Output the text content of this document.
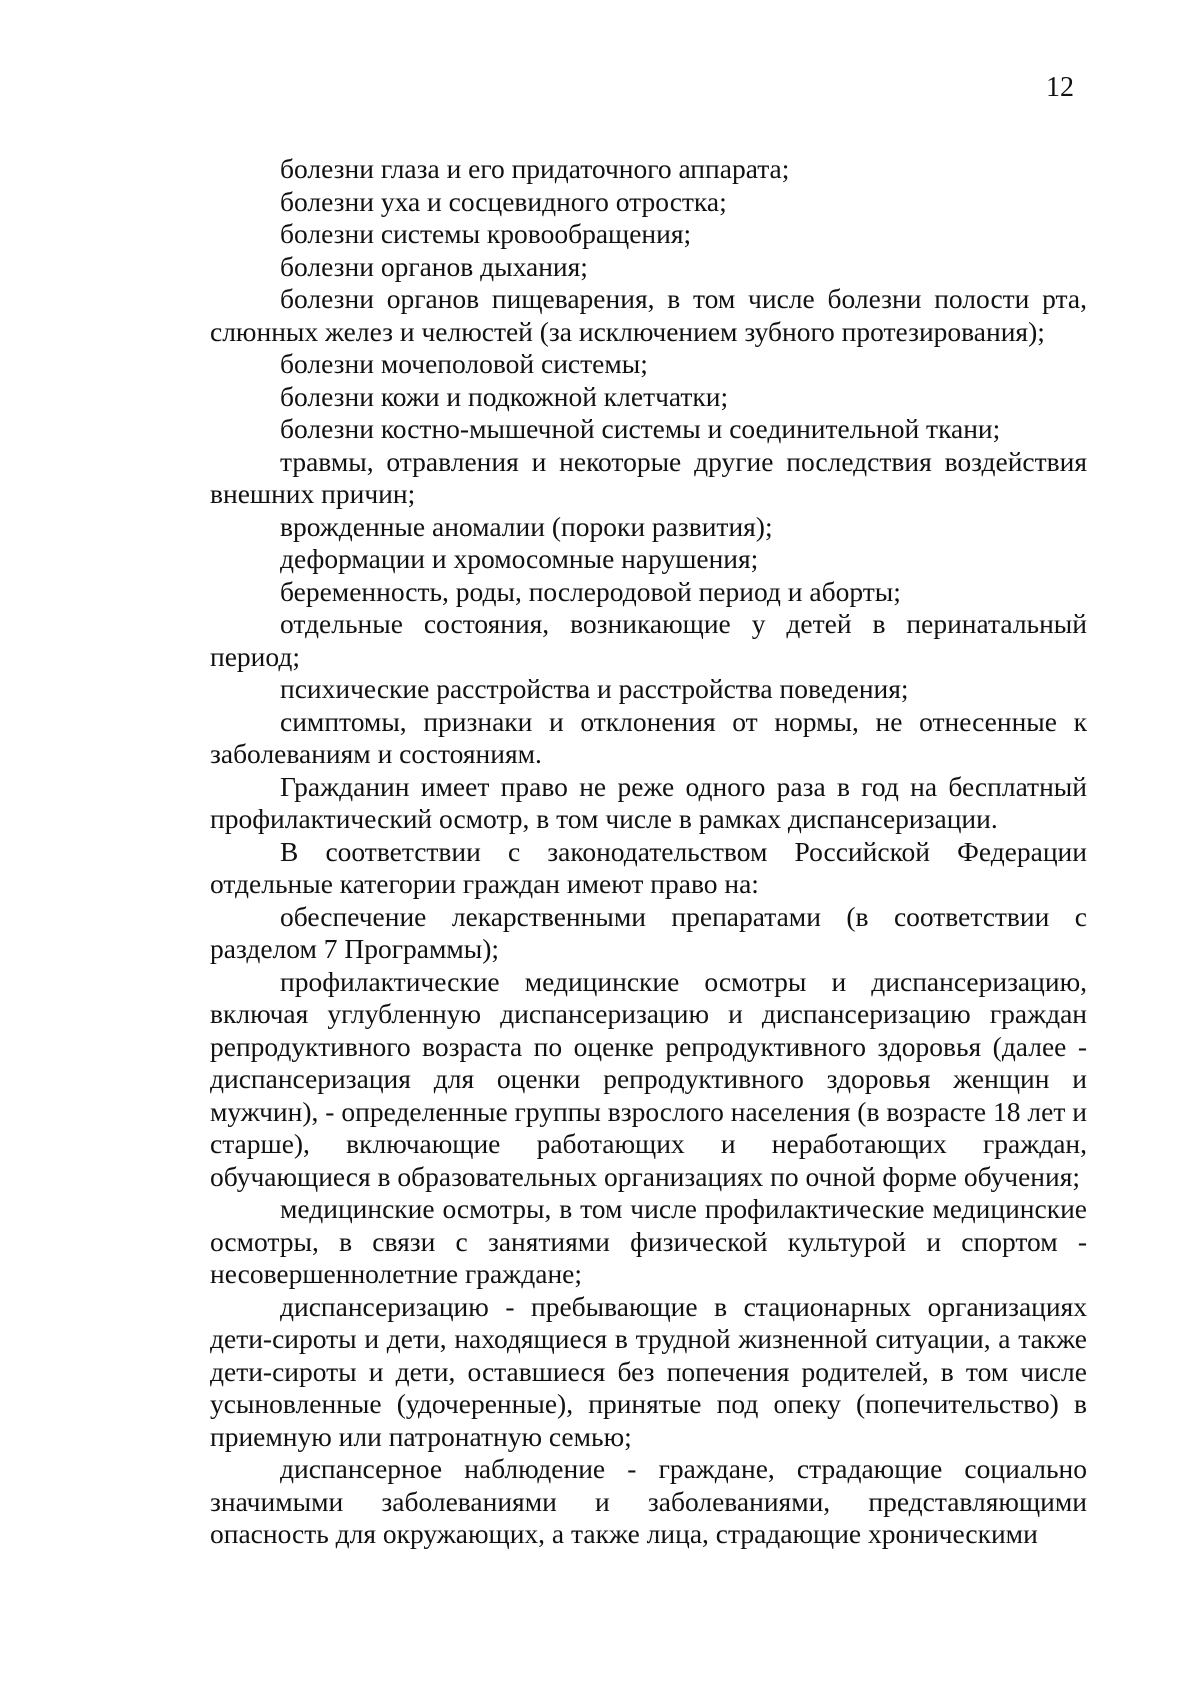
12

болезни глаза и его придаточного аппарата;

болезни уха и сосцевидного отростка;

болезни системы кровообращения;

болезни органов дыхания;

болезни органов пищеварения, в том числе болезни полости рта, слюнных желез и челюстей (за исключением зубного протезирования);

болезни мочеполовой системы;

болезни кожи и подкожной клетчатки;

болезни костно-мышечной системы и соединительной ткани;

травмы, отравления и некоторые другие последствия воздействия внешних причин;

врожденные аномалии (пороки развития);

деформации и хромосомные нарушения;

беременность, роды, послеродовой период и аборты;

отдельные состояния, возникающие у детей в перинатальный период;

психические расстройства и расстройства поведения;

симптомы, признаки и отклонения от нормы, не отнесенные к заболеваниям и состояниям.

Гражданин имеет право не реже одного раза в год на бесплатный профилактический осмотр, в том числе в рамках диспансеризации.

В соответствии с законодательством Российской Федерации отдельные категории граждан имеют право на:

обеспечение лекарственными препаратами (в соответствии с разделом 7 Программы);

профилактические медицинские осмотры и диспансеризацию, включая углубленную диспансеризацию и диспансеризацию граждан репродуктивного возраста по оценке репродуктивного здоровья (далее - диспансеризация для оценки репродуктивного здоровья женщин и мужчин), - определенные группы взрослого населения (в возрасте 18 лет и старше), включающие работающих и неработающих граждан, обучающиеся в образовательных организациях по очной форме обучения;

медицинские осмотры, в том числе профилактические медицинские осмотры, в связи с занятиями физической культурой и спортом - несовершеннолетние граждане;

диспансеризацию - пребывающие в стационарных организациях дети-сироты и дети, находящиеся в трудной жизненной ситуации, а также дети-сироты и дети, оставшиеся без попечения родителей, в том числе усыновленные (удочеренные), принятые под опеку (попечительство) в приемную или патронатную семью;

диспансерное наблюдение - граждане, страдающие социально значимыми заболеваниями и заболеваниями, представляющими опасность для окружающих, а также лица, страдающие хроническими
